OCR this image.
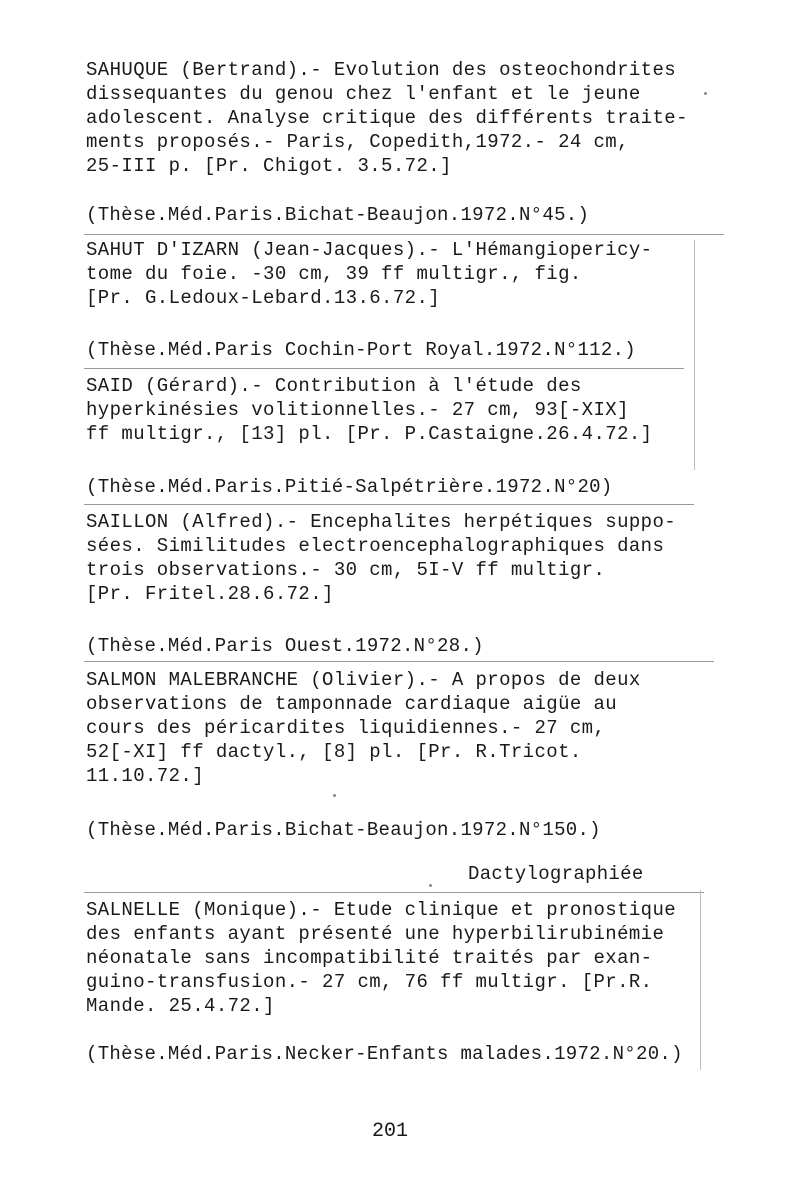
SAHUQUE (Bertrand).- Evolution des osteochondrites
dissequantes du genou chez l'enfant et le jeune
adolescent. Analyse critique des différents traite-
ments proposés.- Paris, Copedith,1972.- 24 cm,
25-III p. [Pr. Chigot. 3.5.72.]
(Thèse.Méd.Paris.Bichat-Beaujon.1972.N°45.)
SAHUT D'IZARN (Jean-Jacques).- L'Hémangiopericy-
tome du foie. -30 cm, 39 ff multigr., fig.
[Pr. G.Ledoux-Lebard.13.6.72.]
(Thèse.Méd.Paris Cochin-Port Royal.1972.N°112.)
SAID (Gérard).- Contribution à l'étude des
hyperkinésies volitionnelles.- 27 cm, 93[-XIX]
ff multigr., [13] pl. [Pr. P.Castaigne.26.4.72.]
(Thèse.Méd.Paris.Pitié-Salpétrière.1972.N°20)
SAILLON (Alfred).- Encephalites herpétiques suppo-
sées. Similitudes electroencephalographiques dans
trois observations.- 30 cm, 5I-V ff multigr.
[Pr. Fritel.28.6.72.]
(Thèse.Méd.Paris Ouest.1972.N°28.)
SALMON MALEBRANCHE (Olivier).- A propos de deux
observations de tamponnade cardiaque aigüe au
cours des péricardites liquidiennes.- 27 cm,
52[-XI] ff dactyl., [8] pl. [Pr. R.Tricot.
11.10.72.]
(Thèse.Méd.Paris.Bichat-Beaujon.1972.N°150.)
Dactylographiée
SALNELLE (Monique).- Etude clinique et pronostique
des enfants ayant présenté une hyperbilirubinémie
néonatale sans incompatibilité traités par exan-
guino-transfusion.- 27 cm, 76 ff multigr. [Pr.R.
Mande. 25.4.72.]
(Thèse.Méd.Paris.Necker-Enfants malades.1972.N°20.)
201
